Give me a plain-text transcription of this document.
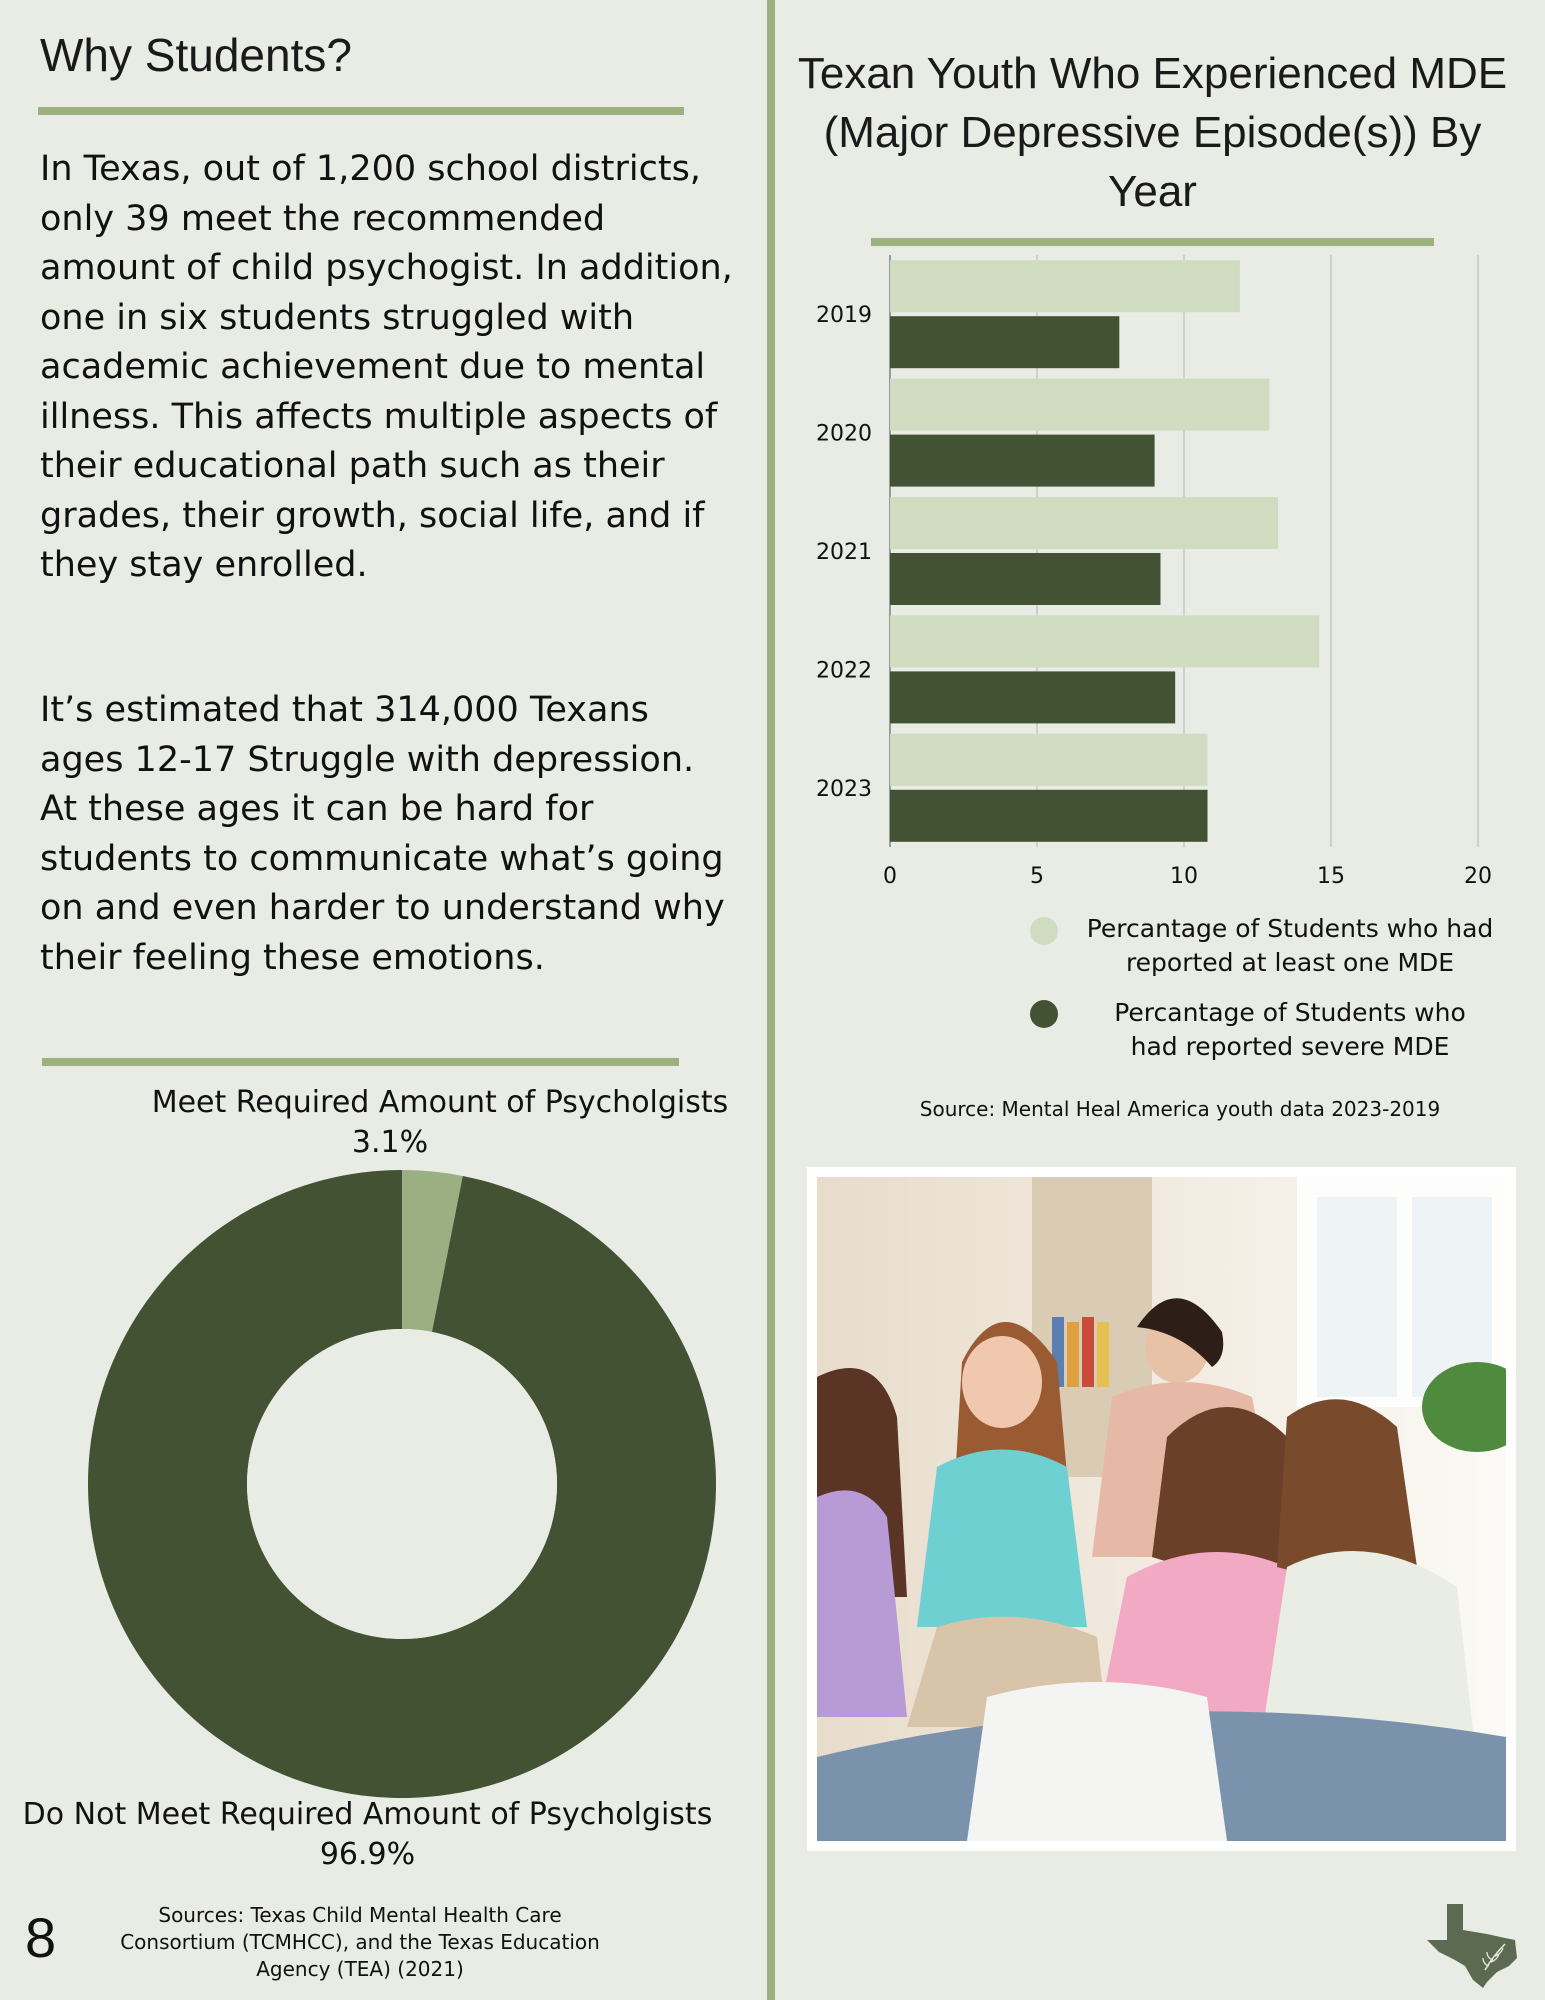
Why Students?

In Texas, out of 1,200 school districts, only 39 meet the recommended amount of child psychogist. In addition, one in six students struggled with academic achievement due to mental illness. This affects multiple aspects of their educational path such as their grades, their growth, social life, and if they stay enrolled.

It’s estimated that 314,000 Texans ages 12-17 Struggle with depression. At these ages it can be hard for students to communicate what’s going on and even harder to understand why their feeling these emotions.

Meet Required Amount of Psycholgists
3.1%
Do Not Meet Required Amount of Psycholgists
96.9%
8	Sources: Texas Child Mental Health Care Consortium (TCMHCC), and the Texas Education Agency (TEA) (2021)
Texan Youth Who Experienced MDE (Major Depressive Episode(s)) By Year
2019
2020
2021
2022
2023
0	5	10	15	20
Percantage of Students who had reported at least one MDE
Percantage of Students who had reported severe MDE
Source: Mental Heal America youth data 2023-2019
